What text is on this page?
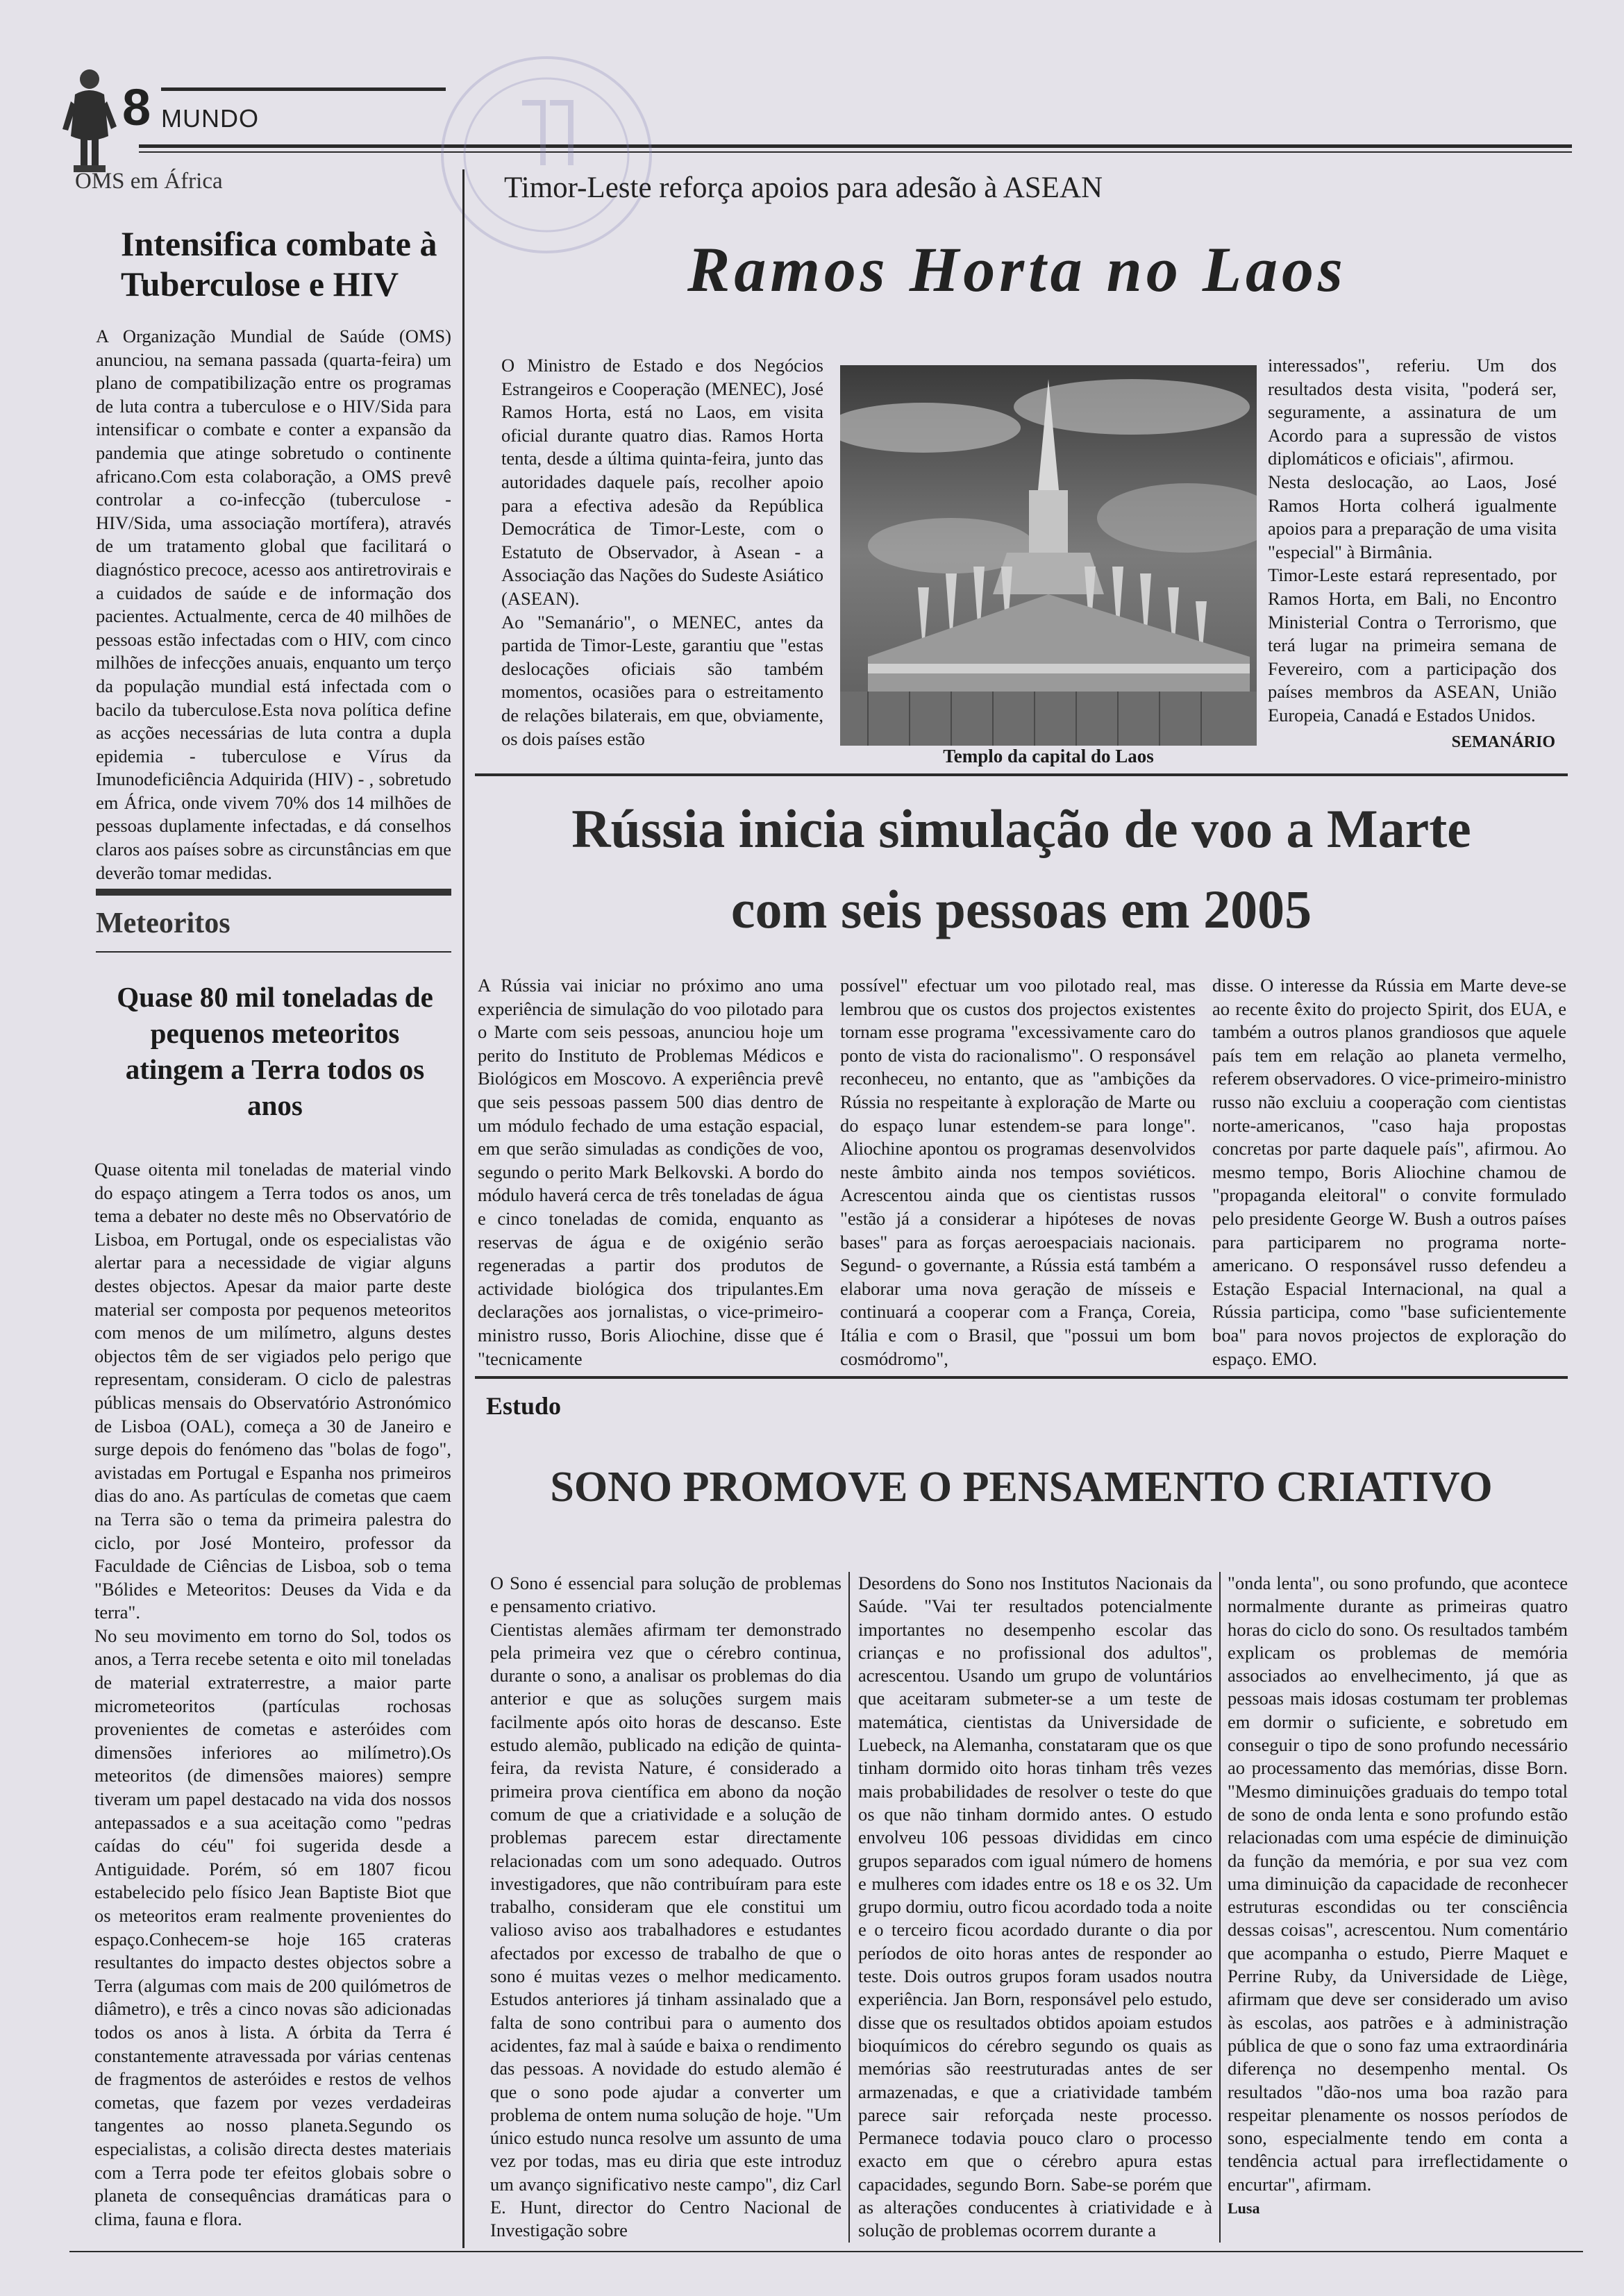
8 MUNDO
OMS em África
Intensifica combate à
Tuberculose e HIV

A Organização Mundial de Saúde (OMS) anunciou, na semana passada (quarta-feira) um plano de compatibilização entre os programas de luta contra a tuberculose e o HIV/Sida para intensificar o combate e conter a expansão da pandemia que atinge sobretudo o continente africano.Com esta colaboração, a OMS prevê controlar a co-infecção (tuberculose - HIV/Sida, uma associação mortífera), através de um tratamento global que facilitará o diagnóstico precoce, acesso aos antiretrovirais e a cuidados de saúde e de informação dos pacientes. Actualmente, cerca de 40 milhões de pessoas estão infectadas com o HIV, com cinco milhões de infecções anuais, enquanto um terço da população mundial está infectada com o bacilo da tuberculose.Esta nova política define as acções necessárias de luta contra a dupla epidemia - tuberculose e Vírus da Imunodeficiência Adquirida (HIV) - , sobretudo em África, onde vivem 70% dos 14 milhões de pessoas duplamente infectadas, e dá conselhos claros aos países sobre as circunstâncias em que deverão tomar medidas.

Meteoritos
Quase 80 mil toneladas de
pequenos meteoritos
atingem a Terra todos os
anos

Quase oitenta mil toneladas de material vindo do espaço atingem a Terra todos os anos, um tema a debater no deste mês no Observatório de Lisboa, em Portugal, onde os especialistas vão alertar para a necessidade de vigiar alguns destes objectos. Apesar da maior parte deste material ser composta por pequenos meteoritos com menos de um milímetro, alguns destes objectos têm de ser vigiados pelo perigo que representam, consideram. O ciclo de palestras públicas mensais do Observatório Astronómico de Lisboa (OAL), começa a 30 de Janeiro e surge depois do fenómeno das "bolas de fogo", avistadas em Portugal e Espanha nos primeiros dias do ano. As partículas de cometas que caem na Terra são o tema da primeira palestra do ciclo, por José Monteiro, professor da Faculdade de Ciências de Lisboa, sob o tema "Bólides e Meteoritos: Deuses da Vida e da terra".

No seu movimento em torno do Sol, todos os anos, a Terra recebe setenta e oito mil toneladas de material extraterrestre, a maior parte micrometeoritos (partículas rochosas provenientes de cometas e asteróides com dimensões inferiores ao milímetro).Os meteoritos (de dimensões maiores) sempre tiveram um papel destacado na vida dos nossos antepassados e a sua aceitação como "pedras caídas do céu" foi sugerida desde a Antiguidade. Porém, só em 1807 ficou estabelecido pelo físico Jean Baptiste Biot que os meteoritos eram realmente provenientes do espaço.Conhecem-se hoje 165 crateras resultantes do impacto destes objectos sobre a Terra (algumas com mais de 200 quilómetros de diâmetro), e três a cinco novas são adicionadas todos os anos à lista. A órbita da Terra é constantemente atravessada por várias centenas de fragmentos de asteróides e restos de velhos cometas, que fazem por vezes verdadeiras tangentes ao nosso planeta.Segundo os especialistas, a colisão directa destes materiais com a Terra pode ter efeitos globais sobre o planeta de consequências dramáticas para o clima, fauna e flora.

Timor-Leste reforça apoios para adesão à ASEAN
Ramos Horta no Laos

O Ministro de Estado e dos Negócios Estrangeiros e Cooperação (MENEC), José Ramos Horta, está no Laos, em visita oficial durante quatro dias. Ramos Horta tenta, desde a última quinta-feira, junto das autoridades daquele país, recolher apoio para a efectiva adesão da República Democrática de Timor-Leste, com o Estatuto de Observador, à Asean - a Associação das Nações do Sudeste Asiático (ASEAN).

Ao "Semanário", o MENEC, antes da partida de Timor-Leste, garantiu que "estas deslocações oficiais são também momentos, ocasiões para o estreitamento de relações bilaterais, em que, obviamente, os dois países estão

Templo da capital do Laos

interessados", referiu. Um dos resultados desta visita, "poderá ser, seguramente, a assinatura de um Acordo para a supressão de vistos diplomáticos e oficiais", afirmou.

Nesta deslocação, ao Laos, José Ramos Horta colherá igualmente apoios para a preparação de uma visita "especial" à Birmânia.

Timor-Leste estará representado, por Ramos Horta, em Bali, no Encontro Ministerial Contra o Terrorismo, que terá lugar na primeira semana de Fevereiro, com a participação dos países membros da ASEAN, União Europeia, Canadá e Estados Unidos.

SEMANÁRIO
Rússia inicia simulação de voo a Marte
com seis pessoas em 2005

A Rússia vai iniciar no próximo ano uma experiência de simulação do voo pilotado para o Marte com seis pessoas, anunciou hoje um perito do Instituto de Problemas Médicos e Biológicos em Moscovo. A experiência prevê que seis pessoas passem 500 dias dentro de um módulo fechado de uma estação espacial, em que serão simuladas as condições de voo, segundo o perito Mark Belkovski. A bordo do módulo haverá cerca de três toneladas de água e cinco toneladas de comida, enquanto as reservas de água e de oxigénio serão regeneradas a partir dos produtos de actividade biológica dos tripulantes.Em declarações aos jornalistas, o vice-primeiro-ministro russo, Boris Aliochine, disse que é "tecnicamente

possível" efectuar um voo pilotado real, mas lembrou que os custos dos projectos existentes tornam esse programa "excessivamente caro do ponto de vista do racionalismo". O responsável reconheceu, no entanto, que as "ambições da Rússia no respeitante à exploração de Marte ou do espaço lunar estendem-se para longe". Aliochine apontou os programas desenvolvidos neste âmbito ainda nos tempos soviéticos. Acrescentou ainda que os cientistas russos "estão já a considerar a hipóteses de novas bases" para as forças aeroespaciais nacionais. Segund- o governante, a Rússia está também a elaborar uma nova geração de mísseis e continuará a cooperar com a França, Coreia, Itália e com o Brasil, que "possui um bom cosmódromo",

disse. O interesse da Rússia em Marte deve-se ao recente êxito do projecto Spirit, dos EUA, e também a outros planos grandiosos que aquele país tem em relação ao planeta vermelho, referem observadores. O vice-primeiro-ministro russo não excluiu a cooperação com cientistas norte-americanos, "caso haja propostas concretas por parte daquele país", afirmou. Ao mesmo tempo, Boris Aliochine chamou de "propaganda eleitoral" o convite formulado pelo presidente George W. Bush a outros países para participarem no programa norte-americano. O responsável russo defendeu a Estação Espacial Internacional, na qual a Rússia participa, como "base suficientemente boa" para novos projectos de exploração do espaço. EMO.

Estudo
SONO PROMOVE O PENSAMENTO CRIATIVO

O Sono é essencial para solução de problemas e pensamento criativo.

Cientistas alemães afirmam ter demonstrado pela primeira vez que o cérebro continua, durante o sono, a analisar os problemas do dia anterior e que as soluções surgem mais facilmente após oito horas de descanso. Este estudo alemão, publicado na edição de quinta-feira, da revista Nature, é considerado a primeira prova científica em abono da noção comum de que a criatividade e a solução de problemas parecem estar directamente relacionadas com um sono adequado. Outros investigadores, que não contribuíram para este trabalho, consideram que ele constitui um valioso aviso aos trabalhadores e estudantes afectados por excesso de trabalho de que o sono é muitas vezes o melhor medicamento. Estudos anteriores já tinham assinalado que a falta de sono contribui para o aumento dos acidentes, faz mal à saúde e baixa o rendimento das pessoas. A novidade do estudo alemão é que o sono pode ajudar a converter um problema de ontem numa solução de hoje. "Um único estudo nunca resolve um assunto de uma vez por todas, mas eu diria que este introduz um avanço significativo neste campo", diz Carl E. Hunt, director do Centro Nacional de Investigação sobre

Desordens do Sono nos Institutos Nacionais da Saúde. "Vai ter resultados potencialmente importantes no desempenho escolar das crianças e no profissional dos adultos", acrescentou. Usando um grupo de voluntários que aceitaram submeter-se a um teste de matemática, cientistas da Universidade de Luebeck, na Alemanha, constataram que os que tinham dormido oito horas tinham três vezes mais probabilidades de resolver o teste do que os que não tinham dormido antes. O estudo envolveu 106 pessoas divididas em cinco grupos separados com igual número de homens e mulheres com idades entre os 18 e os 32. Um grupo dormiu, outro ficou acordado toda a noite e o terceiro ficou acordado durante o dia por períodos de oito horas antes de responder ao teste. Dois outros grupos foram usados noutra experiência. Jan Born, responsável pelo estudo, disse que os resultados obtidos apoiam estudos bioquímicos do cérebro segundo os quais as memórias são reestruturadas antes de ser armazenadas, e que a criatividade também parece sair reforçada neste processo. Permanece todavia pouco claro o processo exacto em que o cérebro apura estas capacidades, segundo Born. Sabe-se porém que as alterações conducentes à criatividade e à solução de problemas ocorrem durante a

"onda lenta", ou sono profundo, que acontece normalmente durante as primeiras quatro horas do ciclo do sono. Os resultados também explicam os problemas de memória associados ao envelhecimento, já que as pessoas mais idosas costumam ter problemas em dormir o suficiente, e sobretudo em conseguir o tipo de sono profundo necessário ao processamento das memórias, disse Born. "Mesmo diminuições graduais do tempo total de sono de onda lenta e sono profundo estão relacionadas com uma espécie de diminuição da função da memória, e por sua vez com uma diminuição da capacidade de reconhecer estruturas escondidas ou ter consciência dessas coisas", acrescentou. Num comentário que acompanha o estudo, Pierre Maquet e Perrine Ruby, da Universidade de Liège, afirmam que deve ser considerado um aviso às escolas, aos patrões e à administração pública de que o sono faz uma extraordinária diferença no desempenho mental. Os resultados "dão-nos uma boa razão para respeitar plenamente os nossos períodos de sono, especialmente tendo em conta a tendência actual para irreflectidamente o encurtar", afirmam.

Lusa
